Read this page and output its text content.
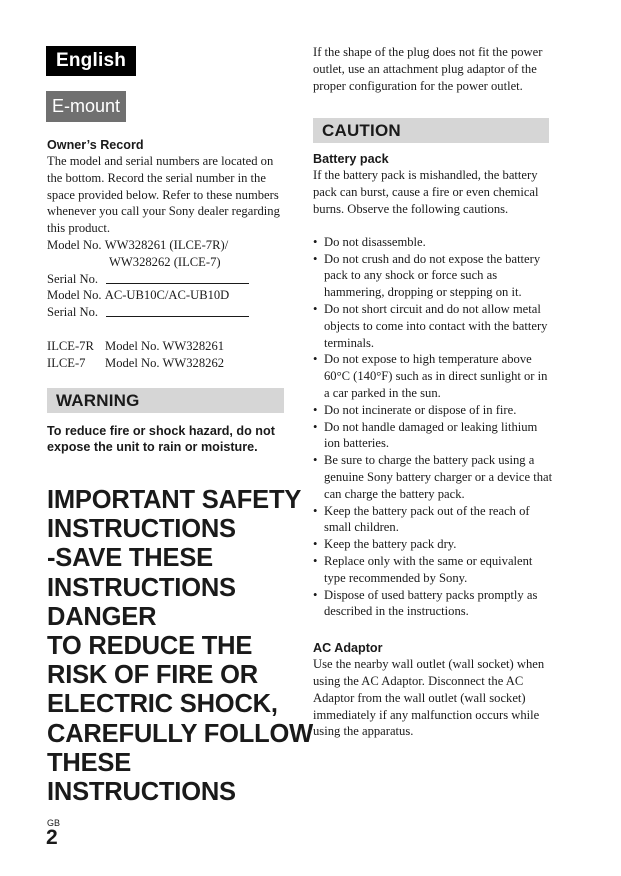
English
E-mount
Owner’s Record

The model and serial numbers are located on the bottom. Record the serial number in the space provided below. Refer to these numbers whenever you call your Sony dealer regarding this product.

Model No.
WW328261 (ILCE-7R)/
WW328262 (ILCE-7)
Serial No.
Model No.
AC-UB10C/AC-UB10D
Serial No.
ILCE-7R Model No. WW328261
ILCE-7	Model No. WW328262
WARNING
To reduce fire or shock hazard, do not expose the unit to rain or moisture.
IMPORTANT SAFETY
INSTRUCTIONS
-SAVE THESE
INSTRUCTIONS
DANGER
TO REDUCE THE
RISK OF FIRE OR
ELECTRIC SHOCK,
CAREFULLY FOLLOW
THESE
INSTRUCTIONS

If the shape of the plug does not fit the power outlet, use an attachment plug adaptor of the proper configuration for the power outlet.

CAUTION
Battery pack

If the battery pack is mishandled, the battery pack can burst, cause a fire or even chemical burns. Observe the following cautions.

• Do not disassemble.
• Do not crush and do not expose the battery pack to any shock or force such as hammering, dropping or stepping on it.
• Do not short circuit and do not allow metal objects to come into contact with the battery terminals.
• Do not expose to high temperature above 60°C (140°F) such as in direct sunlight or in a car parked in the sun.
• Do not incinerate or dispose of in fire.
• Do not handle damaged or leaking lithium ion batteries.
• Be sure to charge the battery pack using a genuine Sony battery charger or a device that can charge the battery pack.
• Keep the battery pack out of the reach of small children.
• Keep the battery pack dry.
• Replace only with the same or equivalent type recommended by Sony.
• Dispose of used battery packs promptly as described in the instructions.
AC Adaptor

Use the nearby wall outlet (wall socket) when using the AC Adaptor. Disconnect the AC Adaptor from the wall outlet (wall socket) immediately if any malfunction occurs while using the apparatus.

GB
2
